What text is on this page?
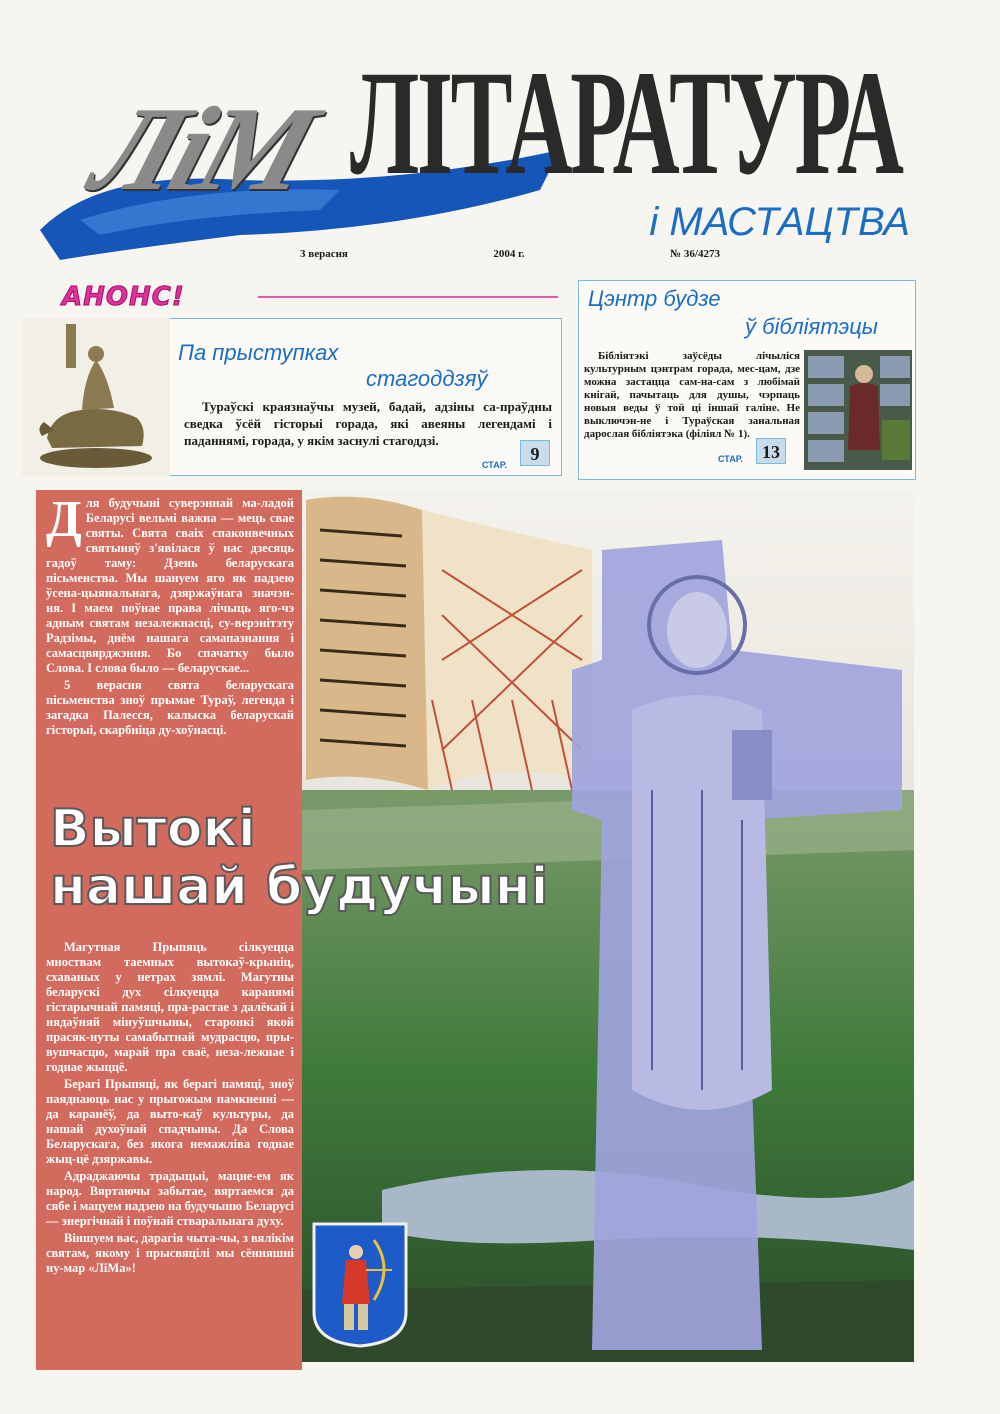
ЛіМ ЛІТАРАТУРА
і МАСТАЦТВА
3 верасня	2004 г.	№ 36/4273
АНОНС!
Па прыступках
стагоддзяў
Тураўскі краязнаўчы музей, бадай, адзіны са-праўдны сведка ўсёй гісторыі горада, які авеяны легендамі і паданнямі, горада, у якім заснулі стагоддзі.
СТАР.
9
Цэнтр будзе
ў бібліятэцы
Бібліятэкі заўсёды лічыліся культурным цэнтрам горада, мес-цам, дзе можна застацца сам-на-сам з любімай кнігай, пачытаць для душы, чэрпаць новыя веды ў той ці іншай галіне. Не выключэн-не і Тураўская занальная дарослая бібліятэка (філіял № 1).
СТАР.	13

Для будучыні суверэннай ма-ладой Беларусі вельмі важна — мець свае святы. Свята сваіх спаконвечных святыняў з'явілася ў нас дзесяць гадоў таму: Дзень беларускага пісьменства. Мы шануем яго як падзею ўсена-цыянальнага, дзяржаўнага значэн-ня. І маем поўнае права лічыць яго-чэ адным святам незалежнасці, су-верэнітэту Радзімы, днём нашага самапазнання і самасцвярджэння. Бо спачатку было Слова. І слова было — беларускае...

5 верасня свята беларускага пісьменства зноў прымае Тураў, легенда і загадка Палесся, калыска беларускай гісторыі, скарбніца ду-хоўнасці.

Магутная Прыпяць сілкуецца мноствам таемных вытокаў-крыніц, схаваных у нетрах зямлі. Магутны беларускі дух сілкуецца каранямі гістарычнай памяці, пра-растае з далёкай і нядаўняй мінуўшчыны, старонкі якой прасяк-нуты самабытнай мудрасцю, пры-вушчасцю, марай пра сваё, неза-лежнае і годнае жыццё.

Берагі Прыпяці, як берагі памяці, зноў паяднаюць нас у прыгожым памкненні — да каранёў, да выто-каў культуры, да нашай духоўнай спадчыны. Да Слова Беларускага, без якога немажліва годнае жыц-цё дзяржавы.

Адраджаючы традыцыі, мацне-ем як народ. Вяртаючы забытае, вяртаемся да сябе і мацуем надзею на будучыню Беларусі — энергічнай і поўнай стваральнага духу.

Віншуем вас, дарагія чыта-чы, з вялікім святам, якому і прысвяцілі мы сённяшні ну-мар «ЛіМа»!

Вытокі
нашай будучыні
